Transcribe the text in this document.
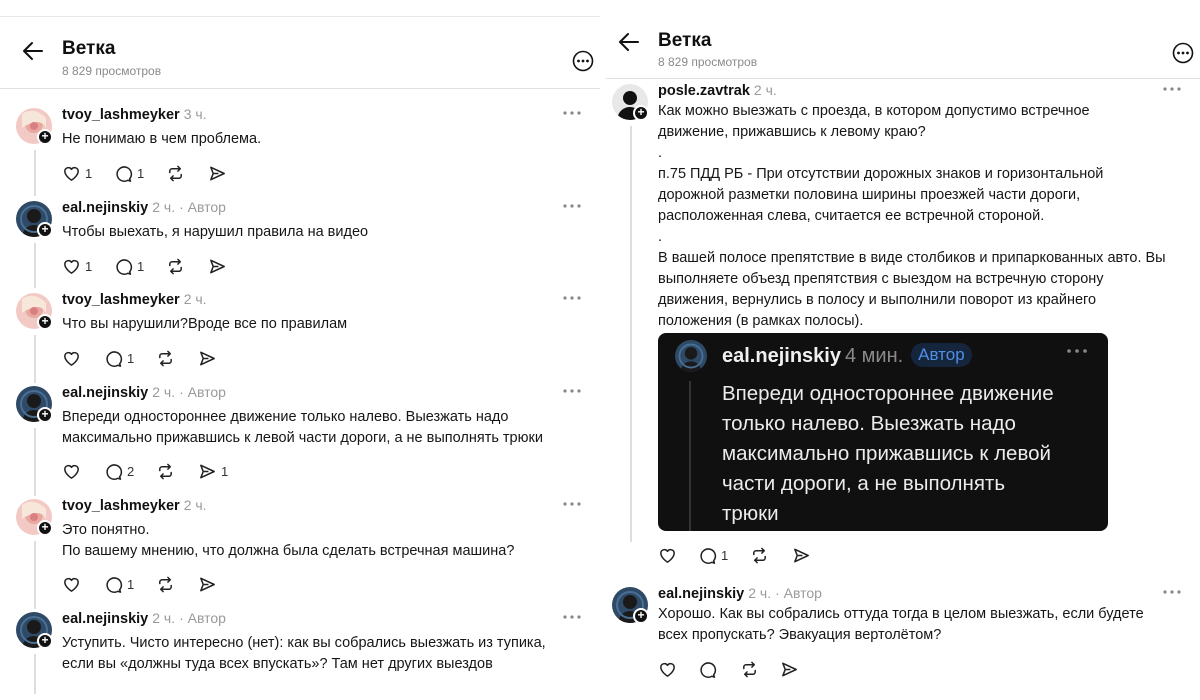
Ветка
8 829 просмотров
+
tvoy_lashmeyker 3 ч.
Не понимаю в чем проблема.
1	1
+
eal.nejinskiy 2 ч. · Автор
Чтобы выехать, я нарушил правила на видео
1	1
+
tvoy_lashmeyker 2 ч.
Что вы нарушили?Вроде все по правилам
1
+
eal.nejinskiy 2 ч. · Автор
Впереди одностороннее движение только налево. Выезжать надо
максимально прижавшись к левой части дороги, а не выполнять трюки
2	1
+
tvoy_lashmeyker 2 ч.
Это понятно.
По вашему мнению, что должна была сделать встречная машина?
1
+
eal.nejinskiy 2 ч. · Автор
Уступить. Чисто интересно (нет): как вы собрались выезжать из тупика,
если вы «должны туда всех впускать»? Там нет других выездов
Ветка
8 829 просмотров
+
posle.zavtrak 2 ч.
Как можно выезжать с проезда, в котором допустимо встречное
движение, прижавшись к левому краю?
.
п.75 ПДД РБ - При отсутствии дорожных знаков и горизонтальной
дорожной разметки половина ширины проезжей части дороги,
расположенная слева, считается ее встречной стороной.
.
В вашей полосе препятствие в виде столбиков и припаркованных авто. Вы
выполняете объезд препятствия с выездом на встречную сторону
движения, вернулись в полосу и выполнили поворот из крайнего
положения (в рамках полосы).
eal.nejinskiy 4 мин. Автор
Впереди одностороннее движение
только налево. Выезжать надо
максимально прижавшись к левой
части дороги, а не выполнять
трюки
1
+
eal.nejinskiy 2 ч. · Автор
Хорошо. Как вы собрались оттуда тогда в целом выезжать, если будете
всех пропускать? Эвакуация вертолётом?
